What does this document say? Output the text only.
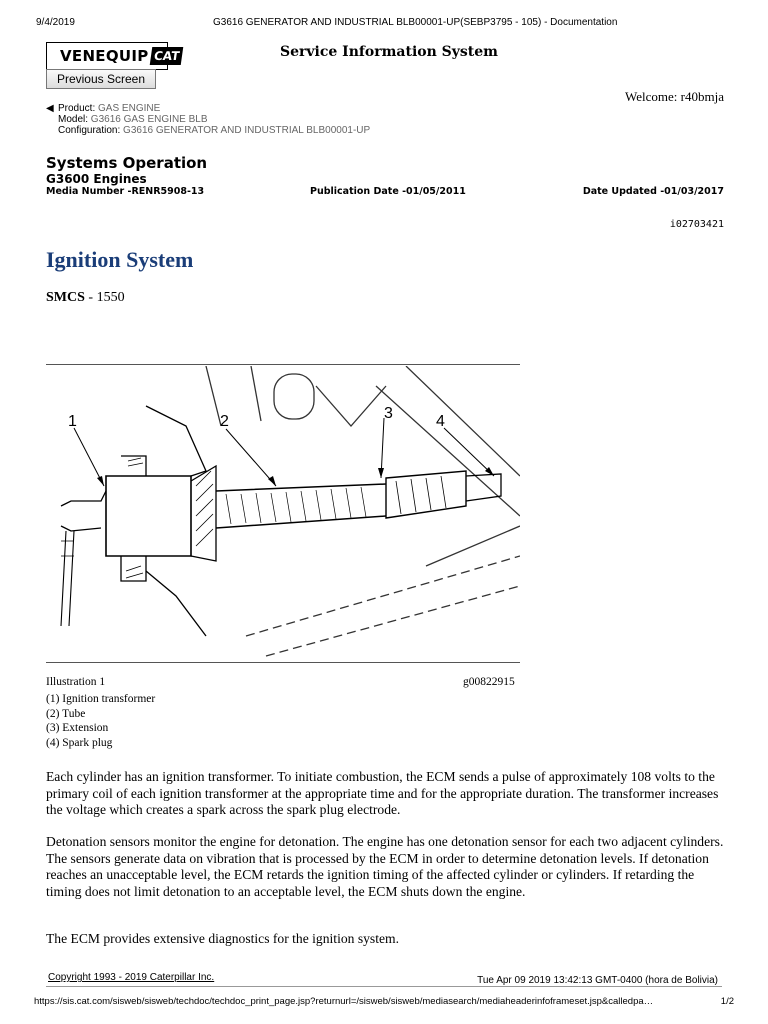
9/4/2019	G3616 GENERATOR AND INDUSTRIAL BLB00001-UP(SEBP3795 - 105) - Documentation
VENEQUIP CAT
Previous Screen
Service Information System
Welcome: r40bmja
◀ Product: GAS ENGINE
Model: G3616 GAS ENGINE BLB
Configuration: G3616 GENERATOR AND INDUSTRIAL BLB00001-UP
Systems Operation
G3600 Engines
Media Number -RENR5908-13	Publication Date -01/05/2011	Date Updated -01/03/2017
i02703421
Ignition System
SMCS - 1550
1	2	3	4
Illustration 1	g00822915
(1) Ignition transformer
(2) Tube
(3) Extension
(4) Spark plug
Each cylinder has an ignition transformer. To initiate combustion, the ECM sends a pulse of approximately 108 volts to the primary coil of each ignition transformer at the appropriate time and for the appropriate duration. The transformer increases the voltage which creates a spark across the spark plug electrode.
Detonation sensors monitor the engine for detonation. The engine has one detonation sensor for each two adjacent cylinders. The sensors generate data on vibration that is processed by the ECM in order to determine detonation levels. If detonation reaches an unacceptable level, the ECM retards the ignition timing of the affected cylinder or cylinders. If retarding the timing does not limit detonation to an acceptable level, the ECM shuts down the engine.
The ECM provides extensive diagnostics for the ignition system.
Copyright 1993 - 2019 Caterpillar Inc.	Tue Apr 09 2019 13:42:13 GMT-0400 (hora de Bolivia)
https://sis.cat.com/sisweb/sisweb/techdoc/techdoc_print_page.jsp?returnurl=/sisweb/sisweb/mediasearch/mediaheaderinfoframeset.jsp&calledpa…	1/2
